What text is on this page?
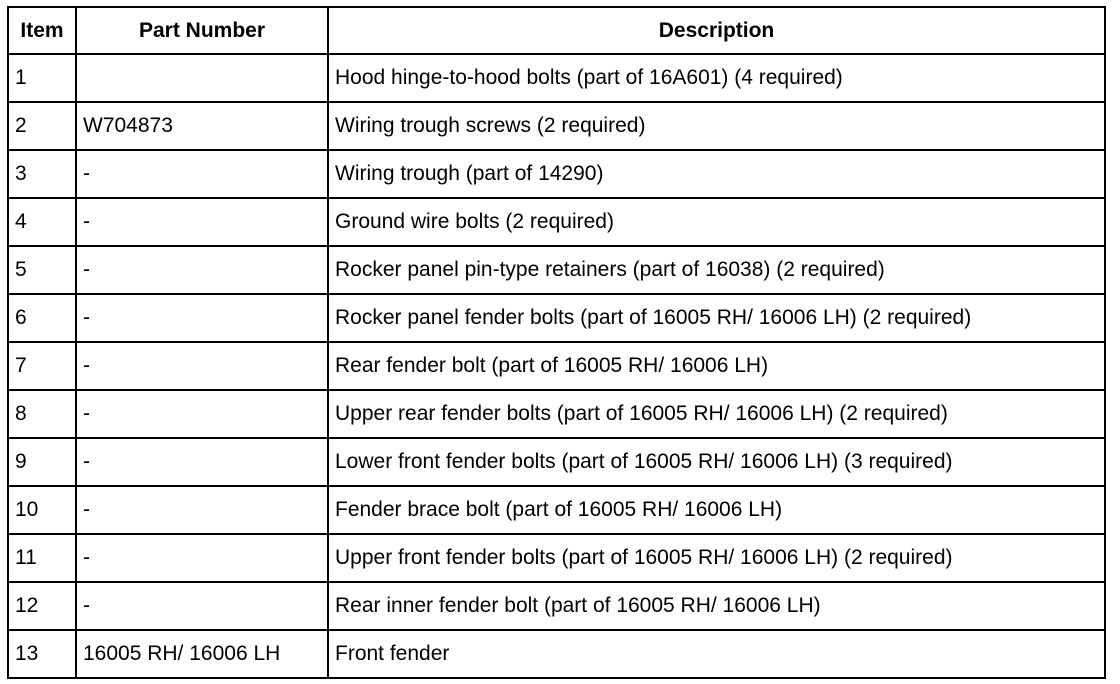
Item	Part Number	Description
1		Hood hinge-to-hood bolts (part of 16A601) (4 required)
2	W704873	Wiring trough screws (2 required)
3	-	Wiring trough (part of 14290)
4	-	Ground wire bolts (2 required)
5	-	Rocker panel pin-type retainers (part of 16038) (2 required)
6	-	Rocker panel fender bolts (part of 16005 RH/ 16006 LH) (2 required)
7	-	Rear fender bolt (part of 16005 RH/ 16006 LH)
8	-	Upper rear fender bolts (part of 16005 RH/ 16006 LH) (2 required)
9	-	Lower front fender bolts (part of 16005 RH/ 16006 LH) (3 required)
10	-	Fender brace bolt (part of 16005 RH/ 16006 LH)
11	-	Upper front fender bolts (part of 16005 RH/ 16006 LH) (2 required)
12	-	Rear inner fender bolt (part of 16005 RH/ 16006 LH)
13	16005 RH/ 16006 LH	Front fender
